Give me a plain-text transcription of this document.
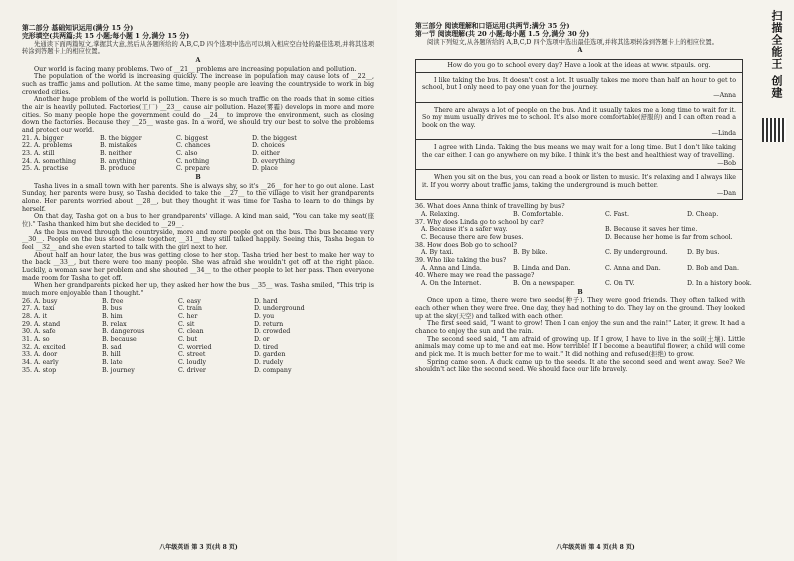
第二部分 基础知识运用(满分 15 分)
完形填空(共两篇;共 15 小题;每小题 1 分,满分 15 分)

先通读下面两篇短文,掌握其大意,然后从各题所给的 A,B,C,D 四个选项中选出可以填入相应空白处的最佳选项,并将其选项转涂到答题卡上的相应位置。

A

Our world is facing many problems. Two of __21__ problems are increasing population and pollution.

The population of the world is increasing quickly. The increase in population may cause lots of __22__, such as traffic jams and pollution. At the same time, many people are leaving the countryside to work in big crowded cities.

Another huge problem of the world is pollution. There is so much traffic on the roads that in some cities the air is heavily polluted. Factories(工厂) __23__ cause air pollution. Haze(雾霾) develops in more and more cities. So many people hope the government could do __24__ to improve the environment, such as closing down the factories. Because they __25__ waste gas. In a word, we should try our best to solve the problems and protect our world.

21. A. bigger	B. the bigger	C. biggest	D. the biggest
22. A. problems	B. mistakes	C. chances	D. choices
23. A. still	B. neither	C. also	D. either
24. A. something	B. anything	C. nothing	D. everything
25. A. practise	B. produce	C. prepare	D. place
B

Tasha lives in a small town with her parents. She is always shy, so it's __26__ for her to go out alone. Last Sunday, her parents were busy, so Tasha decided to take the __27__ to the village to visit her grandparents alone. Her parents worried about __28__, but they thought it was time for Tasha to learn to do things by herself.

On that day, Tasha got on a bus to her grandparents' village. A kind man said, "You can take my seat(座位)." Tasha thanked him but she decided to __29__.

As the bus moved through the countryside, more and more people got on the bus. The bus became very __30__. People on the bus stood close together, __31__ they still talked happily. Seeing this, Tasha began to feel __32__ and she even started to talk with the girl next to her.

About half an hour later, the bus was getting close to her stop. Tasha tried her best to make her way to the back __33__, but there were too many people. She was afraid she wouldn't get off at the right place. Luckily, a woman saw her problem and she shouted __34__ to the other people to let her pass. Then everyone made room for Tasha to get off.

When her grandparents picked her up, they asked her how the bus __35__ was. Tasha smiled, "This trip is much more enjoyable than I thought."

26. A. busy	B. free	C. easy	D. hard
27. A. taxi	B. bus	C. train	D. underground
28. A. it	B. him	C. her	D. you
29. A. stand	B. relax	C. sit	D. return
30. A. safe	B. dangerous	C. clean	D. crowded
31. A. so	B. because	C. but	D. or
32. A. excited	B. sad	C. worried	D. tired
33. A. door	B. hill	C. street	D. garden
34. A. early	B. late	C. loudly	D. rudely
35. A. stop	B. journey	C. driver	D. company
八年级英语 第 3 页(共 8 页)
第三部分 阅读理解和口语运用(共两节;满分 35 分)
第一节 阅读理解(共 20 小题;每小题 1.5 分,满分 30 分)

阅读下列短文,从各题所给的 A,B,C,D 四个选项中选出最佳选项,并将其选项转涂到答题卡上的相应位置。

A
How do you go to school every day? Have a look at the ideas at www. stpauls. org.

I like taking the bus. It doesn't cost a lot. It usually takes me more than half an hour to get to school, but I only need to pay one yuan for the journey.

—Anna

There are always a lot of people on the bus. And it usually takes me a long time to wait for it. So my mum usually drives me to school. It's also more comfortable(舒服的) and I can often read a book on the way.

—Linda

I agree with Linda. Taking the bus means we may wait for a long time. But I don't like taking the car either. I can go anywhere on my bike. I think it's the best and healthiest way of travelling.

—Bob

When you sit on the bus, you can read a book or listen to music. It's relaxing and I always like it. If you worry about traffic jams, taking the underground is much better.

—Dan
36. What does Anna think of travelling by bus?
A. Relaxing.	B. Comfortable.	C. Fast.	D. Cheap.
37. Why does Linda go to school by car?
A. Because it's a safer way.	B. Because it saves her time.
C. Because there are few buses.	D. Because her home is far from school.
38. How does Bob go to school?
A. By taxi.	B. By bike.	C. By underground.	D. By bus.
39. Who like taking the bus?
A. Anna and Linda.	B. Linda and Dan.	C. Anna and Dan.	D. Bob and Dan.
40. Where may we read the passage?
A. On the Internet.	B. On a newspaper.	C. On TV.	D. In a history book.
B

Once upon a time, there were two seeds(种子). They were good friends. They often talked with each other when they were free. One day, they had nothing to do. They lay on the ground. They looked up at the sky(天空) and talked with each other.

The first seed said, "I want to grow! Then I can enjoy the sun and the rain!" Later, it grew. It had a chance to enjoy the sun and the rain.

The second seed said, "I am afraid of growing up. If I grow, I have to live in the soil(土壤). Little animals may come up to me and eat me. How terrible! If I become a beautiful flower, a child will come and pick me. It is much better for me to wait." It did nothing and refused(拒绝) to grow.

Spring came soon. A duck came up to the seeds. It ate the second seed and went away. See? We shouldn't act like the second seed. We should face our life bravely.

八年级英语 第 4 页(共 8 页)
扫描全能王 创建
